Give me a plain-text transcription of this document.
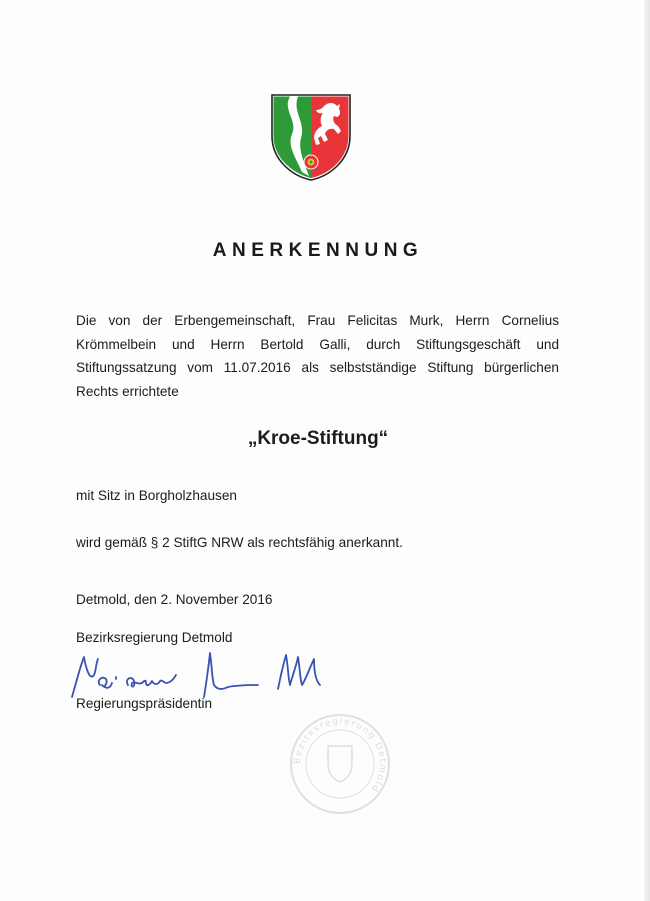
ANERKENNUNG

Die von der Erbengemeinschaft, Frau Felicitas Murk, Herrn Cornelius Krömmelbein und Herrn Bertold Galli, durch Stiftungsgeschäft und Stiftungssatzung vom 11.07.2016 als selbstständige Stiftung bürgerlichen Rechts errichtete

„Kroe-Stiftung“

mit Sitz in Borgholzhausen

wird gemäß § 2 StiftG NRW als rechtsfähig anerkannt.

Detmold, den 2. November 2016

Bezirksregierung Detmold

Regierungspräsidentin

Bezirksregierung Detmold
